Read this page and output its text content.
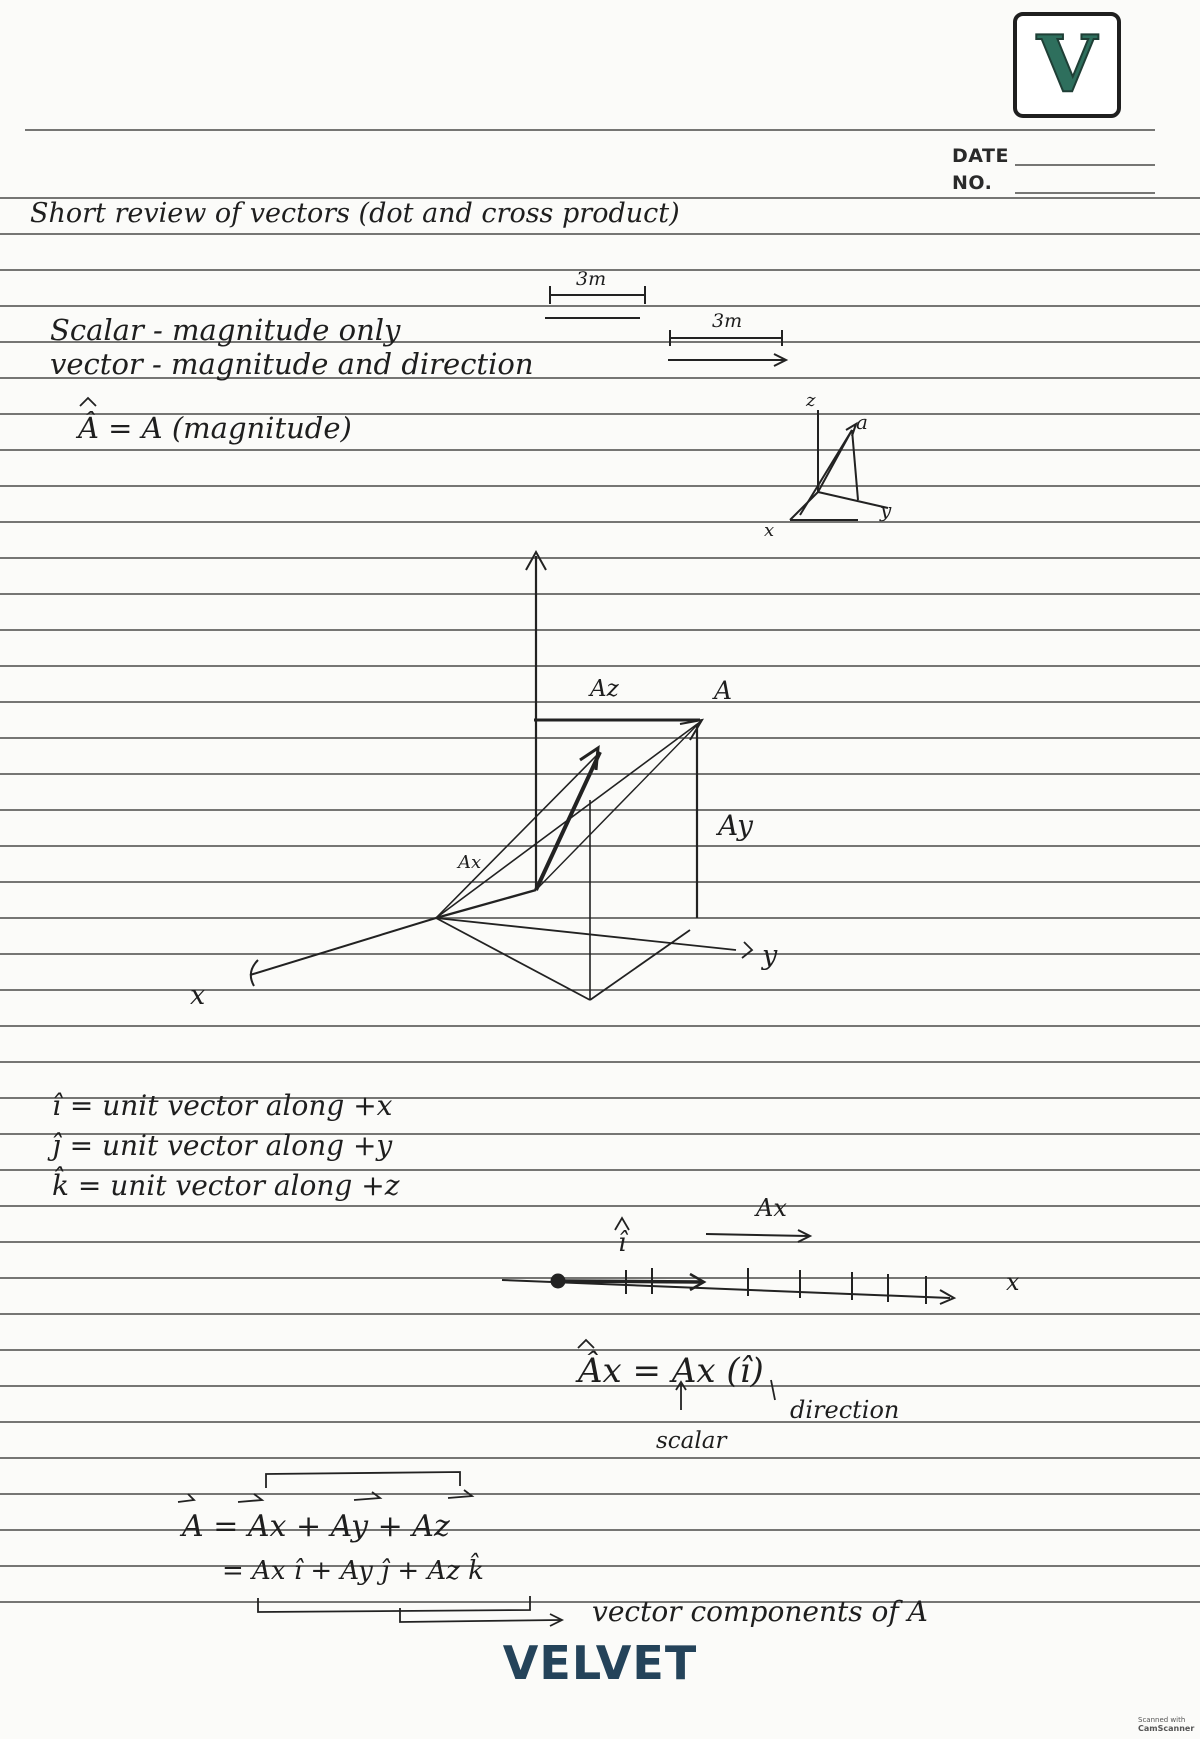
V
DATE
NO.
Short review of vectors (dot and cross product)
Scalar - magnitude only
vector - magnitude and direction
3m
3m
Â = A (magnitude)
z
y
x
a
Az	A
Ay
Ax
y
x
î = unit vector along +x
ĵ = unit vector along +y
k̂ = unit vector along +z
î
Ax
x
Âx = Ax (î)
scalar
direction
A = Ax + Ay + Az
= Ax î + Ay ĵ + Az k̂
vector components of A
VELVET
Scanned with
CamScanner
